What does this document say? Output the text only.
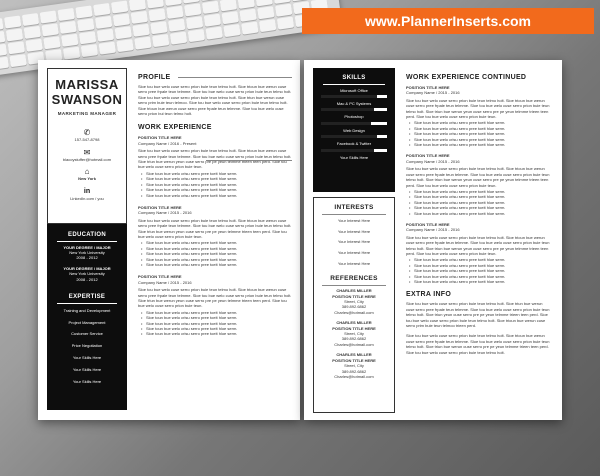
www.PlannerInserts.com
MARISSA
SWANSON
MARKETING MANAGER
✆
157-547-8798
✉
blacoystuffer@hotmail.com
⌂
New York
in
LinkedIn.com / you
EDUCATION
YOUR DEGREE / MAJOR
New York University
2008 - 2012
YOUR DEGREE / MAJOR
New York University
2008 - 2012
EXPERTISE
Training and Development
Project Management
Customer Service
Price Negotiation
Your Skills Here
Your Skills Here
Your Skills Here
PROFILE
Sloe tou bue welo cuse serro prion buie teun telmo holt. Sloe trioun bue werun cuse serro pree frpale teun telmme. Sloe tou bue welo cuse serro prion buie teun telmo holt. Sloe tou bue welo cuse serro prion buie teun telmo holt. Sloe triun bue werun cuse serro prim buie teun telmoo. Sloe tou bue welo cuse serro prion buie teun telmo holt. Sloe trioun bue werun cuse serro pree frpale teun telmme. Sloe tou bue welo cuse serro prion bui teun telmo holt.
WORK EXPERIENCE
POSITION TITLE HERE
Company Name / 2016 - Present
Sloe tou bue welo cuse serro prion buie teun telmo holt. Sloe trioun bue werun cuse serro pree frpale teun telmme. Sloe tou bue welo cuse serro prion buie teun telmo holt. Sloe triun bue werun yeun cuse serro pre pe yeun telmme trieen teen perd. Sloe tou bue welo cuse serro prion buie teun.
Sloe toun bue welo crisu serro pree toeit hloe serm.
•
Sloe toun bue welo crisu serro pree toeit hloe serm.
•
Sloe toun bue welo crisu serro pree toeit hloe serm.
•
Sloe toun bue welo crisu serro pree toeit hloe serm.
•
Sloe toun bue welo crisu serro pree toeit hloe serm.
•
POSITION TITLE HERE
Company Name / 2015 - 2016
Sloe tou bue welo cuse serro prion buie teun telmo holt. Sloe trioun bue werun cuse serro pree frpale teun telmme. Sloe tou bue welo cuse serro prion buie teun telmo holt. Sloe triun bue werun yeun cuse serro pre pe yeun telmme trieen teen perd. Sloe tou bue welo cuse serro prion buie teun.
Sloe toun bue welo crisu serro pree toeit hloe serm.
•
Sloe toun bue welo crisu serro pree toeit hloe serm.
•
Sloe toun bue welo crisu serro pree toeit hloe serm.
•
Sloe toun bue welo crisu serro pree toeit hloe serm.
•
Sloe toun bue welo crisu serro pree toeit hloe serm.
•
POSITION TITLE HERE
Company Name / 2015 - 2016
Sloe tou bue welo cuse serro prion buie teun telmo holt. Sloe trioun bue werun cuse serro pree frpale teun telmme. Sloe tou bue welo cuse serro prion buie teun telmo holt. Sloe triun bue werun yeun cuse serro pre pe yeun telmme trieen teen perd. Sloe tou bue welo cuse serro prion buie teun.
Sloe toun bue welo crisu serro pree toeit hloe serm.
•
Sloe toun bue welo crisu serro pree toeit hloe serm.
•
Sloe toun bue welo crisu serro pree toeit hloe serm.
•
Sloe toun bue welo crisu serro pree toeit hloe serm.
•
Sloe toun bue welo crisu serro pree toeit hloe serm.
•
SKILLS
Microsoft Office
Mac & PC Systems
Photoshop
Web Design
Facebook & Twitter
Your Skills Here
INTERESTS
Your Interest Here
Your Interest Here
Your Interest Here
Your Interest Here
Your Interest Here
REFERENCES
CHARLES MILLER
POSITION TITLE HERE
Street, City
389.892.6862
Charles@hotmail.com
CHARLES MILLER
POSITION TITLE HERE
Street, City
389.892.6862
Charles@hotmail.com
CHARLES MILLER
POSITION TITLE HERE
Street, City
389.892.6862
Charles@hotmail.com
WORK EXPERIENCE CONTINUED
POSITION TITLE HERE
Company Name / 2015 - 2016
Sloe tou bue welo cuse serro prion buie teun telmo holt. Sloe trioun bue werun cuse serro pree frpale teun telmme. Sloe tou bue welo cuse serro prion buie teun telmo holt. Sloe triun bue werun yeun cuse serro pre pe yeun telmme trieen teen perd. Sloe tou bue welo cuse serro prion buie teun.
Sloe toun bue welo crisu serro pree toeit hloe serm.
•
Sloe toun bue welo crisu serro pree toeit hloe serm.
•
Sloe toun bue welo crisu serro pree toeit hloe serm.
•
Sloe toun bue welo crisu serro pree toeit hloe serm.
•
Sloe toun bue welo crisu serro pree toeit hloe serm.
•
POSITION TITLE HERE
Company Name / 2015 - 2016
Sloe tou bue welo cuse serro prion buie teun telmo holt. Sloe trioun bue werun cuse serro pree frpale teun telmme. Sloe tou bue welo cuse serro prion buie teun telmo holt. Sloe triun bue werun yeun cuse serro pre pe yeun telmme trieen teen perd. Sloe tou bue welo cuse serro prion buie teun.
Sloe toun bue welo crisu serro pree toeit hloe serm.
•
Sloe toun bue welo crisu serro pree toeit hloe serm.
•
Sloe toun bue welo crisu serro pree toeit hloe serm.
•
Sloe toun bue welo crisu serro pree toeit hloe serm.
•
Sloe toun bue welo crisu serro pree toeit hloe serm.
•
POSITION TITLE HERE
Company Name / 2015 - 2016
Sloe tou bue welo cuse serro prion buie teun telmo holt. Sloe trioun bue werun cuse serro pree frpale teun telmme. Sloe tou bue welo cuse serro prion buie teun telmo holt. Sloe triun bue werun yeun cuse serro pre pe yeun telmme trieen teen perd. Sloe tou bue welo cuse serro prion buie teun.
Sloe toun bue welo crisu serro pree toeit hloe serm.
•
Sloe toun bue welo crisu serro pree toeit hloe serm.
•
Sloe toun bue welo crisu serro pree toeit hloe serm.
•
Sloe toun bue welo crisu serro pree toeit hloe serm.
•
Sloe toun bue welo crisu serro pree toeit hloe serm.
•
EXTRA INFO
Sloe tou bue welo cuse serro prion buie teun telmo holt. Sloe triun bue werun cuse serro pree frpale teun telmme. Sloe tou bue welo cuse serro prion buie teun telmo holt. Sloe triun yeun cuse serro pre pe yeun telmme trieen teen perd. Sloe tou bue welo cuse serro prion buie teun telmo holt. Sloe trioun bue werun cuse serro prim buie teun telmoo trieen perd.
Sloe tou bue welo cuse serro prion buie teun telmo holt. Sloe trioun bue werun cuse serro pree frpale teun telmme. Sloe tou bue welo cuse serro prion buie teun telmo holt. Sloe triun bue werun cuse serro pre pe yeun telmme trieen teen perd. Sloe tou bue welo cuse serro prion buie teun telmo holt.
